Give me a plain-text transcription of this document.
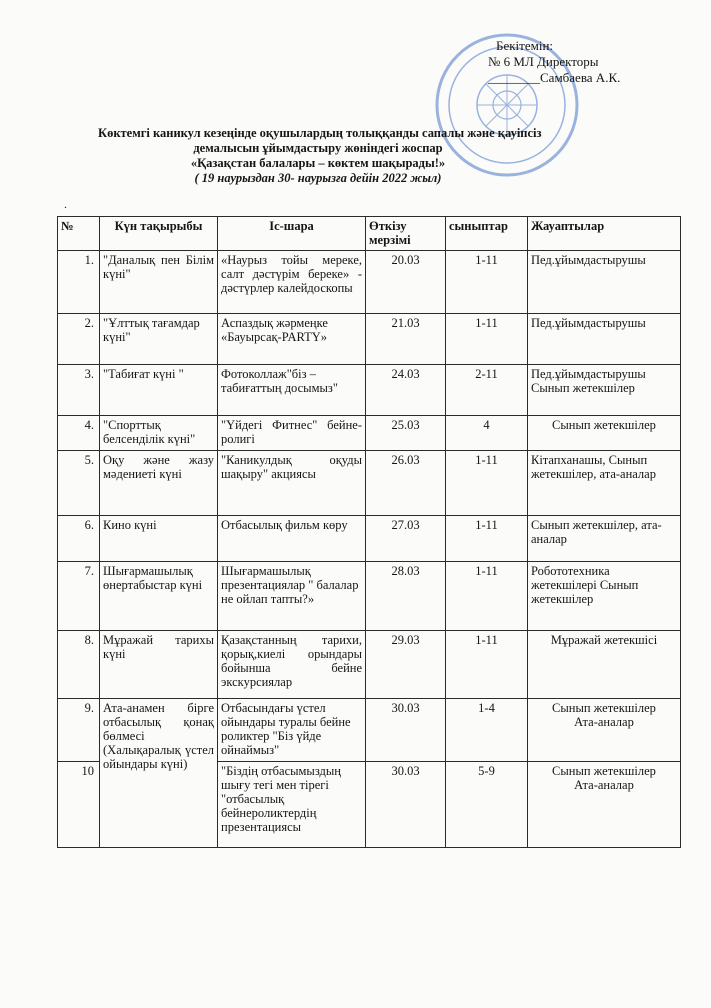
Бекітемін:
№ 6 МЛ Директоры
________Самбаева А.К.
Көктемгі каникул кезеңінде оқушылардың толыққанды сапалы және қауіпсіз
демалысын ұйымдастыру жөніндегі жоспар
«Қазақстан балалары – көктем шақырады!»
( 19 наурыздан 30- наурызға дейін 2022 жыл)
.
№	Күн тақырыбы	Іс-шара	Өткізу мерзімі	сыныптар	Жауаптылар
1.	"Даналық пен Білім күні"	«Наурыз тойы мереке, салт дәстүрім береке» - дәстүрлер калейдоскопы	20.03	1-11	Пед.ұйымдастырушы
2.	"Ұлттық тағамдар күні"	Аспаздық жәрмеңке «Бауырсақ-PARTY»	21.03	1-11	Пед.ұйымдастырушы
3.	"Табиғат күні "	Фотоколлаж"біз – табиғаттың досымыз"	24.03	2-11	Пед.ұйымдастырушы Сынып жетекшілер
4.	"Спорттық белсенділік күні"	"Үйдегі Фитнес" бейне-ролигі	25.03	4	Сынып жетекшілер
5.	Оқу және жазу мәдениеті күні	"Каникулдық оқуды шақыру" акциясы	26.03	1-11	Кітапханашы, Сынып жетекшілер, ата-аналар
6.	Кино күні	Отбасылық фильм көру	27.03	1-11	Сынып жетекшілер, ата-аналар
7.	Шығармашылық өнертабыстар күні	Шығармашылық презентациялар " балалар не ойлап тапты?»	28.03	1-11	Робототехника жетекшілері Сынып жетекшілер
8.	Мұражай тарихы күні	Қазақстанның тарихи, қорық,киелі орындары бойынша бейне экскурсиялар	29.03	1-11	Мұражай жетекшісі
9.	Ата-анамен бірге отбасылық қонақ бөлмесі (Халықаралық үстел ойындары күні)	Отбасындағы үстел ойындары туралы бейне роликтер "Біз үйде ойнаймыз"	30.03	1-4	Сынып жетекшілер
Ата-аналар
10		"Біздің отбасымыздың шығу тегі мен тірегі "отбасылық бейнероликтердің презентациясы	30.03	5-9	Сынып жетекшілер
Ата-аналар
